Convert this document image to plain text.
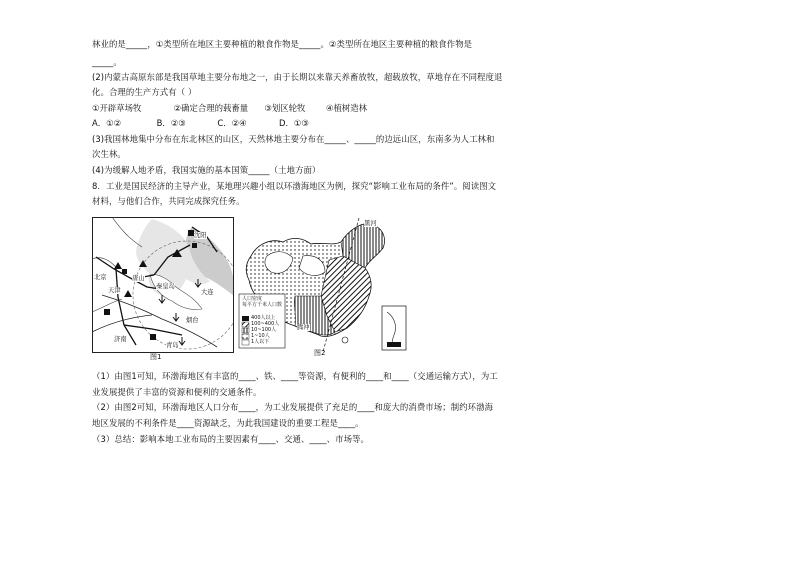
林业的是_____，①类型所在地区主要种植的粮食作物是_____。②类型所在地区主要种植的粮食作物是
_____。
(2)内蒙古高原东部是我国草地主要分布地之一，由于长期以来靠天养畜放牧，超载放牧，草地存在不同程度退
化。合理的生产方式有（ ）
①开辟草场牧	②确定合理的载畜量 ③划区轮牧 ④植树造林
A．①②	B．②③	C．②④	D．①③
(3)我国林地集中分布在东北林区的山区，天然林地主要分布在_____、_____的边远山区，东南多为人工林和
次生林。
(4)为缓解人地矛盾，我国实施的基本国策_____（土地方面）
8．工业是国民经济的主导产业，某地理兴趣小组以环渤海地区为例，探究“影响工业布局的条件”。阅读图文
材料，与他们合作，共同完成探究任务。
沈阳
北京	唐山
天津
秦皇岛
大连
烟台
济南
青岛
图1
黑河
腾冲
人口密度
每平方千米人口数
400人以上
100~400人
10~100人
1~10人
1人以下
图2
（1）由图1可知，环渤海地区有丰富的____、铁、____等资源，有便利的____和____（交通运输方式），为工
业发展提供了丰富的资源和便利的交通条件。
（2）由图2可知，环渤海地区人口分布____，为工业发展提供了充足的____和庞大的消费市场；制约环渤海
地区发展的不利条件是____资源缺乏，为此我国建设的重要工程是____。
（3）总结：影响本地工业布局的主要因素有____、交通、____、市场等。
